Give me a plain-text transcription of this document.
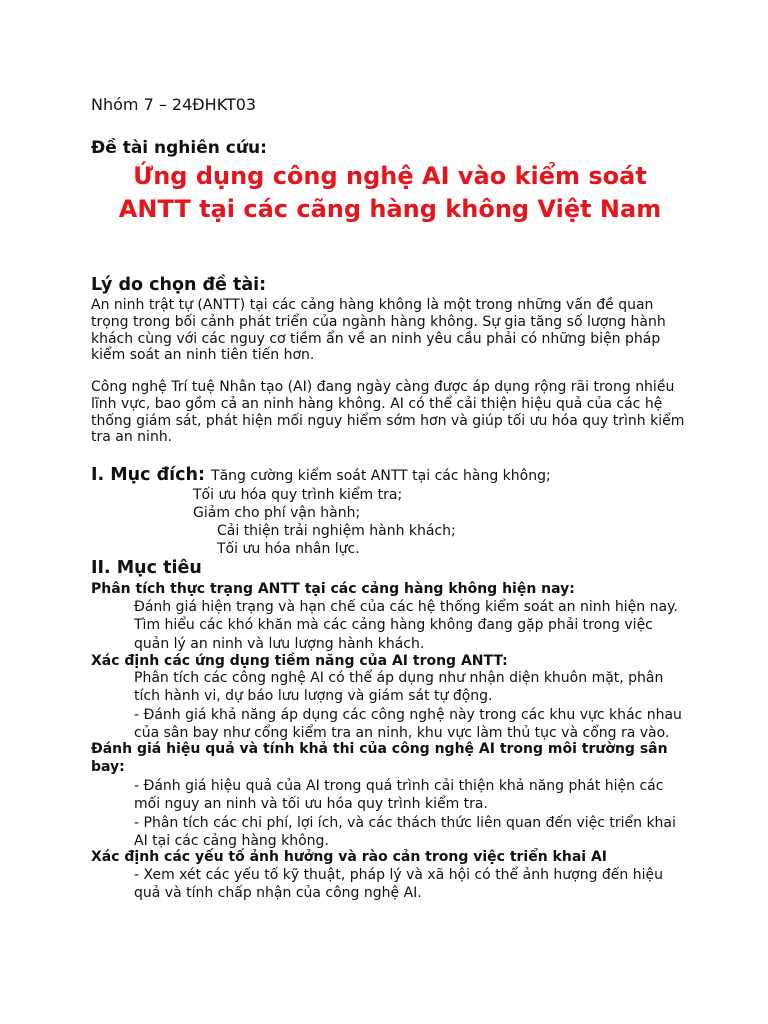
Nhóm 7 – 24ĐHKT03
Đề tài nghiên cứu:
Ứng dụng công nghệ AI vào kiểm soát
ANTT tại các cãng hàng không Việt Nam
Lý do chọn đề tài:
An ninh trật tự (ANTT) tại các cảng hàng không là một trong những vấn đề quan trọng trong bối cảnh phát triển của ngành hàng không. Sự gia tăng số lượng hành khách cùng với các nguy cơ tiềm ẩn về an ninh yêu cầu phải có những biện pháp kiểm soát an ninh tiên tiến hơn.
Công nghệ Trí tuệ Nhân tạo (AI) đang ngày càng được áp dụng rộng rãi trong nhiều lĩnh vực, bao gồm cả an ninh hàng không. AI có thể cải thiện hiệu quả của các hệ thống giám sát, phát hiện mối nguy hiểm sớm hơn và giúp tối ưu hóa quy trình kiểm tra an ninh.
I. Mục đích: Tăng cường kiểm soát ANTT tại các hàng không;
Tối ưu hóa quy trình kiểm tra;
Giảm cho phí vận hành;
Cải thiện trải nghiệm hành khách;
Tối ưu hóa nhân lực.
II. Mục tiêu
Phân tích thực trạng ANTT tại các cảng hàng không hiện nay:
Đánh giá hiện trạng và hạn chế của các hệ thống kiểm soát an ninh hiện nay.
Tìm hiểu các khó khăn mà các cảng hàng không đang gặp phải trong việc quản lý an ninh và lưu lượng hành khách.
Xác định các ứng dụng tiềm năng của AI trong ANTT:
Phân tích các công nghệ AI có thể áp dụng như nhận diện khuôn mặt, phân tích hành vi, dự báo lưu lượng và giám sát tự động.
- Đánh giá khả năng áp dụng các công nghệ này trong các khu vực khác nhau của sân bay như cổng kiểm tra an ninh, khu vực làm thủ tục và cổng ra vào.
Đánh giá hiệu quả và tính khả thi của công nghệ AI trong môi trường sân bay:
- Đánh giá hiệu quả của AI trong quá trình cải thiện khả năng phát hiện các mối nguy an ninh và tối ưu hóa quy trình kiểm tra.
- Phân tích các chi phí, lợi ích, và các thách thức liên quan đến việc triển khai AI tại các cảng hàng không.
Xác định các yếu tố ảnh hưởng và rào cản trong việc triển khai AI
- Xem xét các yếu tố kỹ thuật, pháp lý và xã hội có thể ảnh hượng đến hiệu quả và tính chấp nhận của công nghệ AI.
